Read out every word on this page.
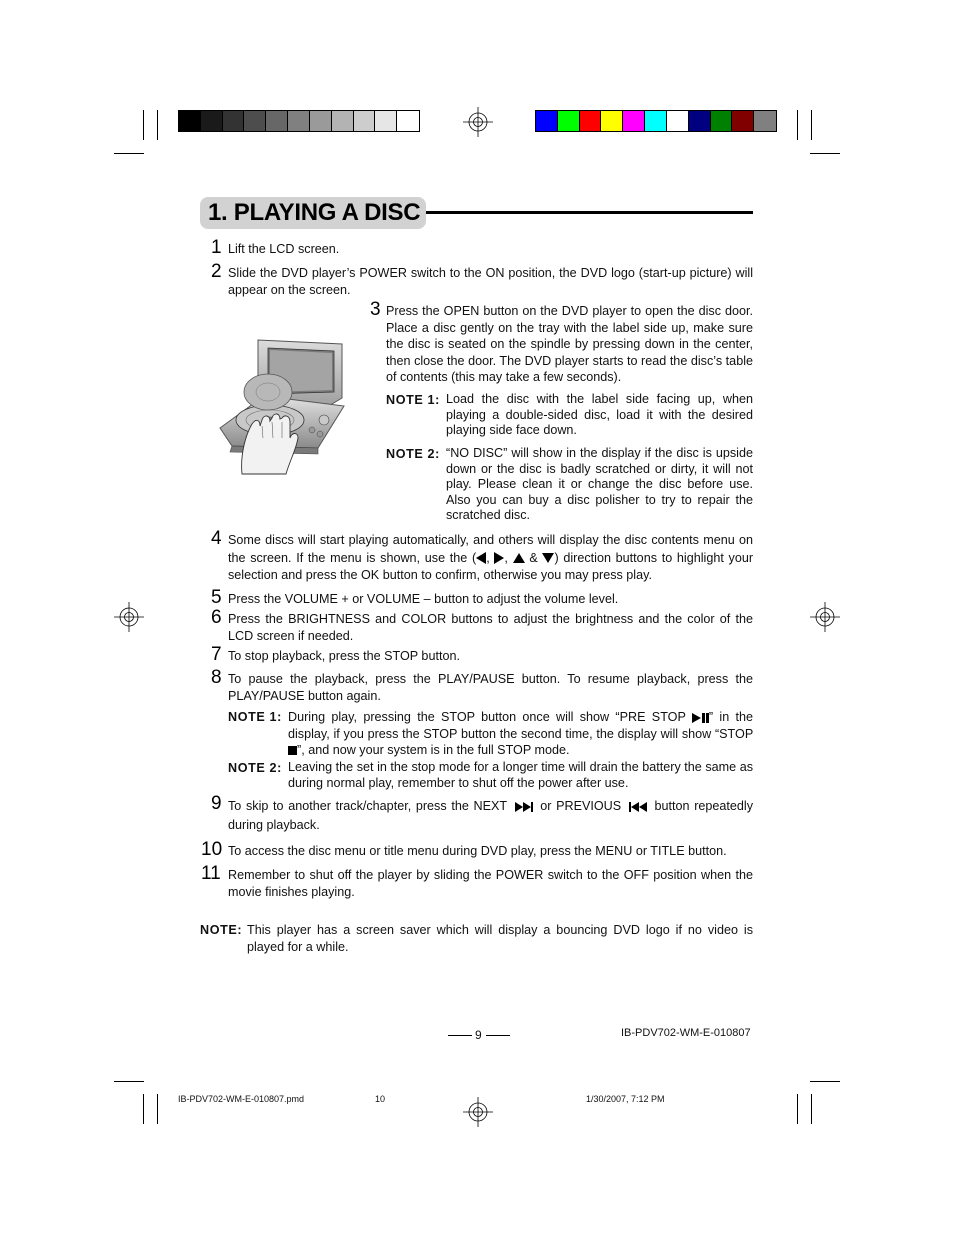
1. PLAYING A DISC
1 Lift the LCD screen.
2 Slide the DVD player’s POWER switch to the ON position, the DVD logo (start-up picture) will appear on the screen.
3 Press the OPEN button on the DVD player to open the disc door. Place a disc gently on the tray with the label side up, make sure the disc is seated on the spindle by pressing down in the center, then close the door. The DVD player starts to read the disc’s table of contents (this may take a few seconds).
NOTE 1: Load the disc with the label side facing up, when playing a double-sided disc, load it with the desired playing side face down.
NOTE 2: “NO DISC” will show in the display if the disc is upside down or the disc is badly scratched or dirty, it will not play. Please clean it or change the disc before use. Also you can buy a disc polisher to try to repair the scratched disc.
4 Some discs will start playing automatically, and others will display the disc contents menu on the screen. If the menu is shown, use the ( , ,  & ) direction buttons to highlight your selection and press the OK button to confirm, otherwise you may press play.
5 Press the VOLUME + or VOLUME – button to adjust the volume level.
6 Press the BRIGHTNESS and COLOR buttons to adjust the brightness and the color of the LCD screen if needed.
7 To stop playback, press the STOP button.
8 To pause the playback, press the PLAY/PAUSE button. To resume playback, press the PLAY/PAUSE button again.
NOTE 1: During play, pressing the STOP button once will show “PRE STOP ” in the display, if you press the STOP button the second time, the display will show “STOP ”, and now your system is in the full STOP mode.
NOTE 2: Leaving the set in the stop mode for a longer time will drain the battery the same as during normal play, remember to shut off the power after use.
9 To skip to another track/chapter, press the NEXT	or PREVIOUS	button repeatedly during playback.
10 To access the disc menu or title menu during DVD play, press the MENU or TITLE button.
11 Remember to shut off the player by sliding the POWER switch to the OFF position when the movie finishes playing.
NOTE: This player has a screen saver which will display a bouncing DVD logo if no video is played for a while.
9	IB-PDV702-WM-E-010807
IB-PDV702-WM-E-010807.pmd	10	1/30/2007, 7:12 PM
